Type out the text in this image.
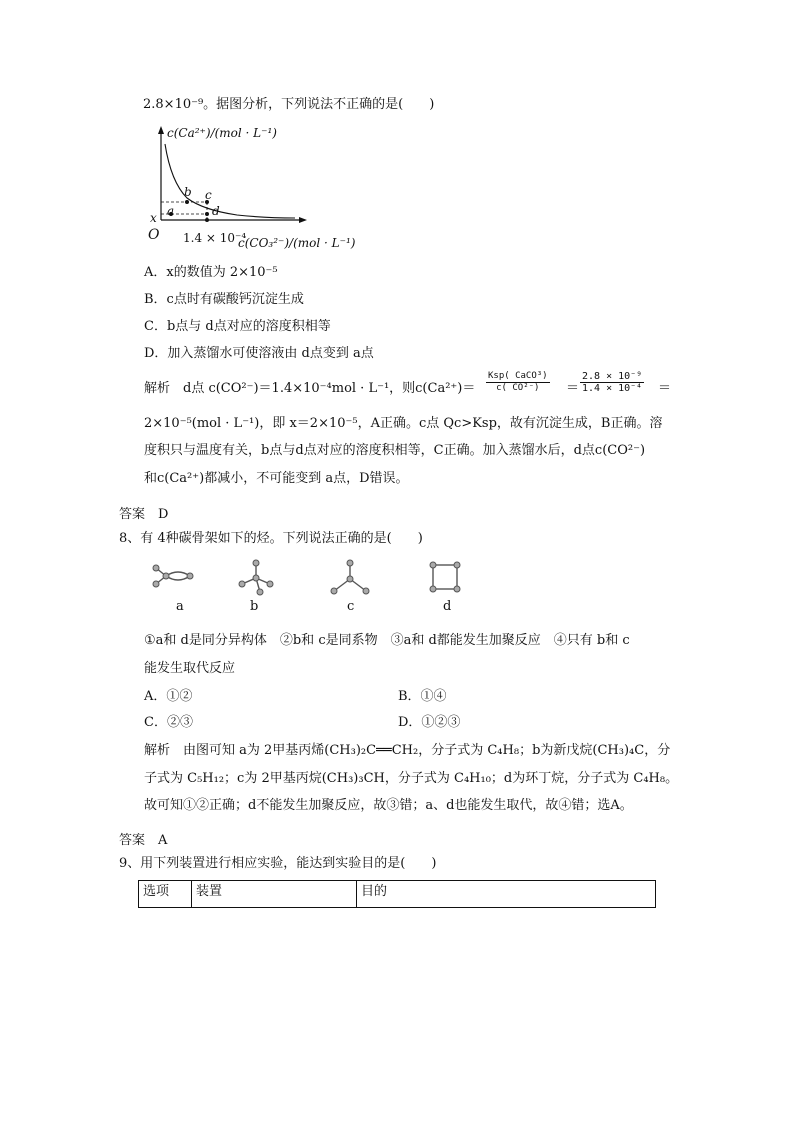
2.8×10⁻⁹。据图分析，下列说法不正确的是(　　)
c(Ca²⁺)/(mol · L⁻¹)
c(CO₃²⁻)/(mol · L⁻¹)
1.4 × 10⁻⁴
O
x a
b c
d
A．x的数值为 2×10⁻⁵
B．c点时有碳酸钙沉淀生成
C．b点与 d点对应的溶度积相等
D．加入蒸馏水可使溶液由 d点变到 a点
解析　d点 c(CO²⁻)＝1.4×10⁻⁴mol · L⁻¹，则c(Ca²⁺)＝
Ksp( CaCO³)
c( CO²⁻)	＝ $\frac{\text{2.8 × 10⁻⁹}}{\text{1.4 × 10⁻⁴}}$ ＝
2×10⁻⁵(mol · L⁻¹)，即 x＝2×10⁻⁵，A正确。c点 Qc>Ksp，故有沉淀生成，B正确。溶
度积只与温度有关，b点与d点对应的溶度积相等，C正确。加入蒸馏水后，d点c(CO²⁻)
和c(Ca²⁺)都减小，不可能变到 a点，D错误。
答案　D
8、有 4种碳骨架如下的烃。下列说法正确的是(　　)
a	b	c	d
①a和 d是同分异构体　②b和 c是同系物　③a和 d都能发生加聚反应　④只有 b和 c
能发生取代反应
A．①②	B．①④
C．②③	D．①②③
解析　由图可知 a为 2甲基丙烯(CH₃)₂C══CH₂，分子式为 C₄H₈；b为新戊烷(CH₃)₄C，分
子式为 C₅H₁₂；c为 2甲基丙烷(CH₃)₃CH，分子式为 C₄H₁₀；d为环丁烷，分子式为 C₄H₈。
故可知①②正确；d不能发生加聚反应，故③错；a、d也能发生取代，故④错；选A。
答案　A
9、用下列装置进行相应实验，能达到实验目的是(　　)
选项	装置	目的
